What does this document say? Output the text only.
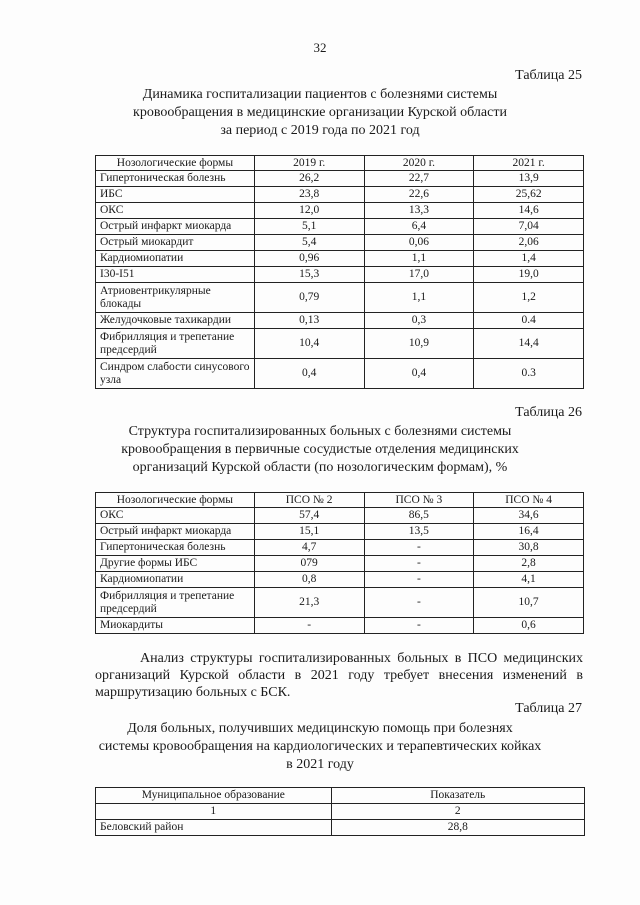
32
Таблица 25
Динамика госпитализации пациентов с болезнями системы
кровообращения в медицинские организации Курской области
за период с 2019 года по 2021 год
Нозологические формы	2019 г.	2020 г.	2021 г.
Гипертоническая болезнь	26,2	22,7	13,9
ИБС	23,8	22,6	25,62
ОКС	12,0	13,3	14,6
Острый инфаркт миокарда	5,1	6,4	7,04
Острый миокардит	5,4	0,06	2,06
Кардиомиопатии	0,96	1,1	1,4
I30-I51	15,3	17,0	19,0
Атриовентрикулярные блокады	0,79	1,1	1,2
Желудочковые тахикардии	0,13	0,3	0.4
Фибрилляция и трепетание предсердий	10,4	10,9	14,4
Синдром слабости синусового узла	0,4	0,4	0.3
Таблица 26
Структура госпитализированных больных с болезнями системы
кровообращения в первичные сосудистые отделения медицинских
организаций Курской области (по нозологическим формам), %
Нозологические формы	ПСО № 2	ПСО № 3	ПСО № 4
ОКС	57,4	86,5	34,6
Острый инфаркт миокарда	15,1	13,5	16,4
Гипертоническая болезнь	4,7	-	30,8
Другие формы ИБС	079	-	2,8
Кардиомиопатии	0,8	-	4,1
Фибрилляция и трепетание предсердий	21,3	-	10,7
Миокардиты	-	-	0,6
Анализ структуры госпитализированных больных в ПСО медицинских организаций Курской области в 2021 году требует внесения изменений в маршрутизацию больных с БСК.
Таблица 27
Доля больных, получивших медицинскую помощь при болезнях
системы кровообращения на кардиологических и терапевтических койках
в 2021 году
Муниципальное образование	Показатель
1	2
Беловский район	28,8
